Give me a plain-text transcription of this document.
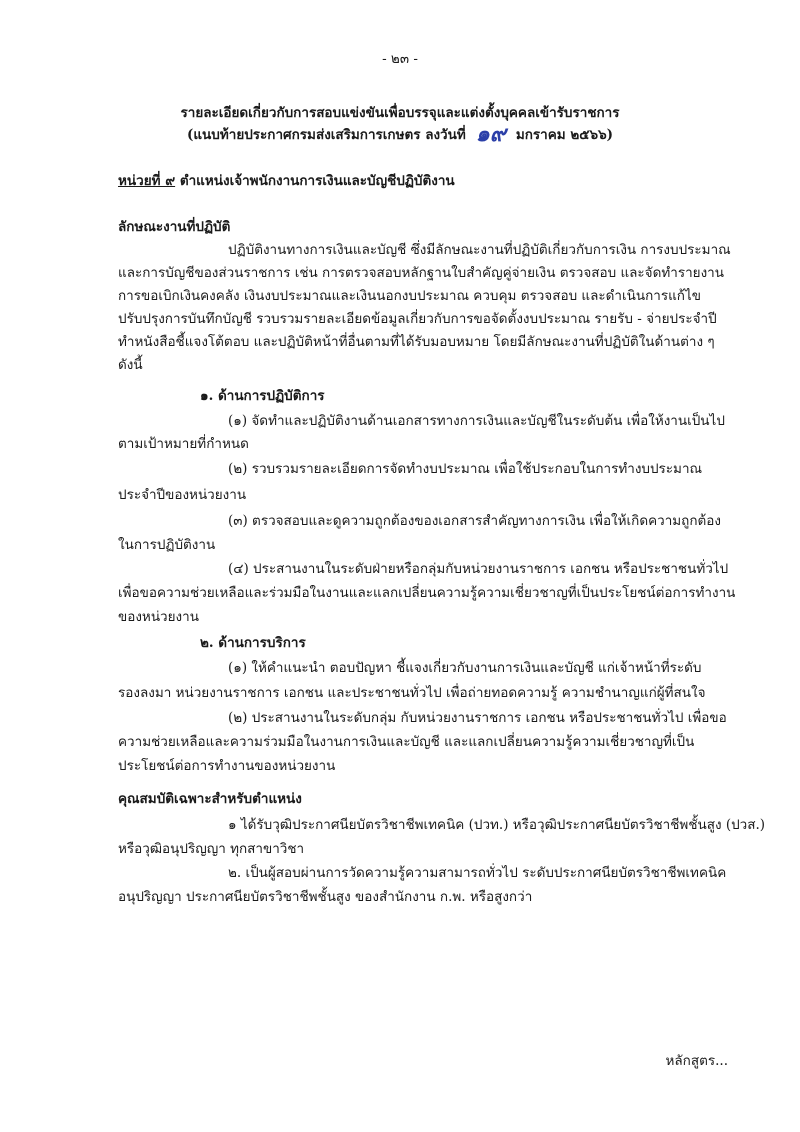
- ๒๓ -
รายละเอียดเกี่ยวกับการสอบแข่งขันเพื่อบรรจุและแต่งตั้งบุคคลเข้ารับราชการ
(แนบท้ายประกาศกรมส่งเสริมการเกษตร ลงวันที่ ๑๙ มกราคม ๒๕๖๖)
หน่วยที่ ๙ ตำแหน่งเจ้าพนักงานการเงินและบัญชีปฏิบัติงาน
ลักษณะงานที่ปฏิบัติ
ปฏิบัติงานทางการเงินและบัญชี ซึ่งมีลักษณะงานที่ปฏิบัติเกี่ยวกับการเงิน การงบประมาณ
และการบัญชีของส่วนราชการ เช่น การตรวจสอบหลักฐานใบสำคัญคู่จ่ายเงิน ตรวจสอบ และจัดทำรายงาน
การขอเบิกเงินคงคลัง เงินงบประมาณและเงินนอกงบประมาณ ควบคุม ตรวจสอบ และดำเนินการแก้ไข
ปรับปรุงการบันทึกบัญชี รวบรวมรายละเอียดข้อมูลเกี่ยวกับการขอจัดตั้งงบประมาณ รายรับ - จ่ายประจำปี
ทำหนังสือชี้แจงโต้ตอบ และปฏิบัติหน้าที่อื่นตามที่ได้รับมอบหมาย โดยมีลักษณะงานที่ปฏิบัติในด้านต่าง ๆ
ดังนี้
๑. ด้านการปฏิบัติการ
(๑) จัดทำและปฏิบัติงานด้านเอกสารทางการเงินและบัญชีในระดับต้น เพื่อให้งานเป็นไป
ตามเป้าหมายที่กำหนด
(๒) รวบรวมรายละเอียดการจัดทำงบประมาณ เพื่อใช้ประกอบในการทำงบประมาณ
ประจำปีของหน่วยงาน
(๓) ตรวจสอบและดูความถูกต้องของเอกสารสำคัญทางการเงิน เพื่อให้เกิดความถูกต้อง
ในการปฏิบัติงาน
(๔) ประสานงานในระดับฝ่ายหรือกลุ่มกับหน่วยงานราชการ เอกชน หรือประชาชนทั่วไป
เพื่อขอความช่วยเหลือและร่วมมือในงานและแลกเปลี่ยนความรู้ความเชี่ยวชาญที่เป็นประโยชน์ต่อการทำงาน
ของหน่วยงาน
๒. ด้านการบริการ
(๑) ให้คำแนะนำ ตอบปัญหา ชี้แจงเกี่ยวกับงานการเงินและบัญชี แก่เจ้าหน้าที่ระดับ
รองลงมา หน่วยงานราชการ เอกชน และประชาชนทั่วไป เพื่อถ่ายทอดความรู้ ความชำนาญแก่ผู้ที่สนใจ
(๒) ประสานงานในระดับกลุ่ม กับหน่วยงานราชการ เอกชน หรือประชาชนทั่วไป เพื่อขอ
ความช่วยเหลือและความร่วมมือในงานการเงินและบัญชี และแลกเปลี่ยนความรู้ความเชี่ยวชาญที่เป็น
ประโยชน์ต่อการทำงานของหน่วยงาน
คุณสมบัติเฉพาะสำหรับตำแหน่ง
๑ ได้รับวุฒิประกาศนียบัตรวิชาชีพเทคนิค (ปวท.) หรือวุฒิประกาศนียบัตรวิชาชีพชั้นสูง (ปวส.)
หรือวุฒิอนุปริญญา ทุกสาขาวิชา
๒. เป็นผู้สอบผ่านการวัดความรู้ความสามารถทั่วไป ระดับประกาศนียบัตรวิชาชีพเทคนิค
อนุปริญญา ประกาศนียบัตรวิชาชีพชั้นสูง ของสำนักงาน ก.พ. หรือสูงกว่า
หลักสูตร...
